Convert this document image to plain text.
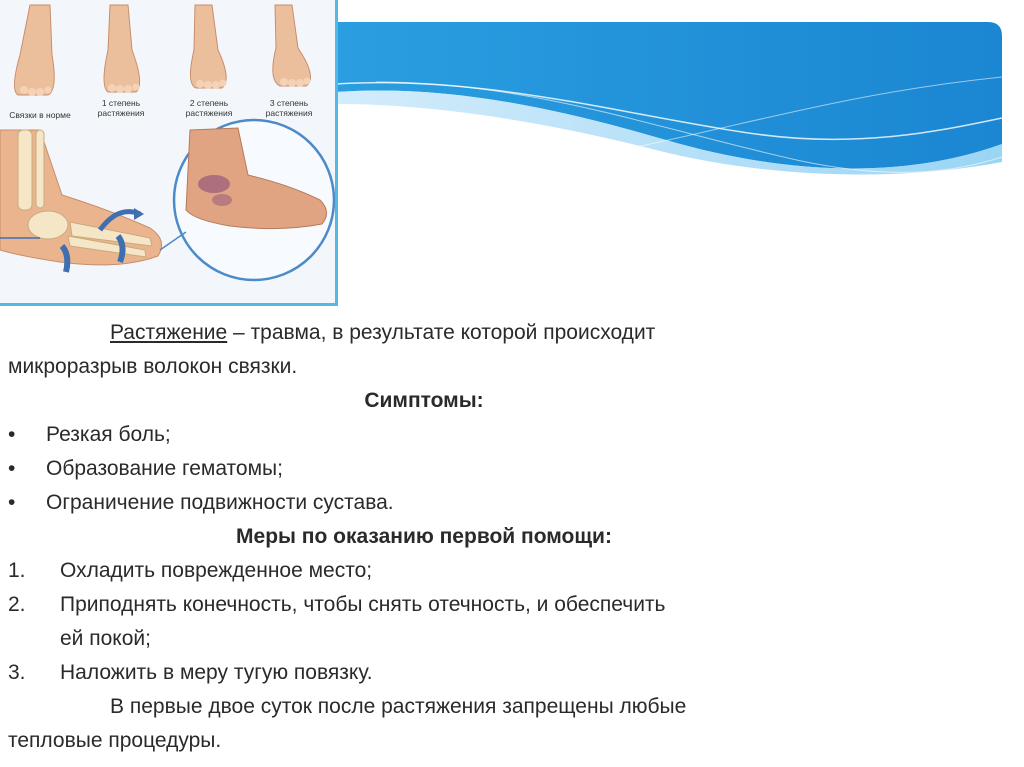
Связки в норме
1 степень растяжения
2 степень растяжения
3 степень растяжения
Растяжение – травма, в результате которой происходит
микроразрыв волокон связки.
Симптомы:
• Резкая боль;
• Образование гематомы;
• Ограничение подвижности сустава.
Меры по оказанию первой помощи:
1. Охладить поврежденное место;
2. Приподнять конечность, чтобы снять отечность, и обеспечить
ей покой;
3. Наложить в меру тугую повязку.
В первые двое суток после растяжения запрещены любые
тепловые процедуры.
